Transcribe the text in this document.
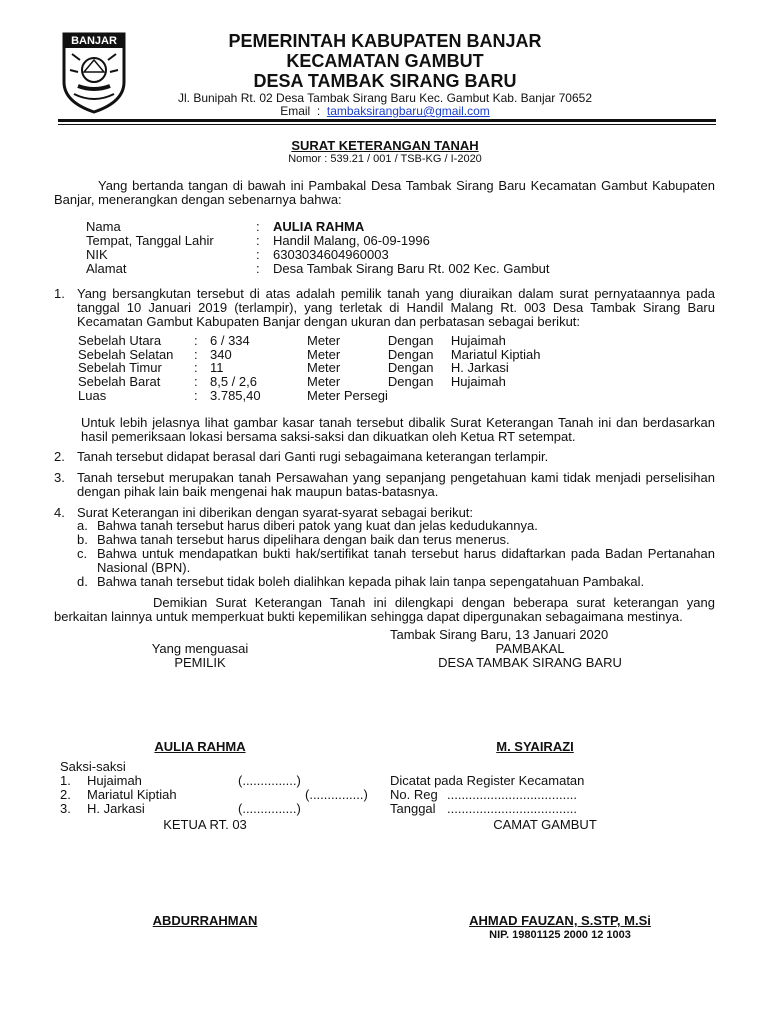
BANJAR	PEMERINTAH KABUPATEN BANJAR
KECAMATAN GAMBUT
DESA TAMBAK SIRANG BARU
Jl. Bunipah Rt. 02 Desa Tambak Sirang Baru Kec. Gambut Kab. Banjar 70652
Email  :  tambaksirangbaru@gmail.com
SURAT KETERANGAN TANAH
Nomor : 539.21 / 001 / TSB-KG / I-2020
Yang bertanda tangan di bawah ini Pambakal Desa Tambak Sirang Baru Kecamatan Gambut Kabupaten Banjar, menerangkan dengan sebenarnya bahwa:
Nama	: AULIA RAHMA
Tempat, Tanggal Lahir	: Handil Malang, 06-09-1996
NIK	: 6303034604960003
Alamat	: Desa Tambak Sirang Baru Rt. 002 Kec. Gambut
1. Yang bersangkutan tersebut di atas adalah pemilik tanah yang diuraikan dalam surat pernyataannya pada tanggal 10 Januari 2019 (terlampir), yang terletak di Handil Malang Rt. 003 Desa Tambak Sirang Baru Kecamatan Gambut Kabupaten Banjar dengan ukuran dan perbatasan sebagai berikut:
Sebelah Utara	:	6 / 334	Meter	Dengan	Hujaimah
Sebelah Selatan	:	340	Meter	Dengan	Mariatul Kiptiah
Sebelah Timur	:	11	Meter	Dengan	H. Jarkasi
Sebelah Barat	:	8,5 / 2,6	Meter	Dengan	Hujaimah
Luas	:	3.785,40	Meter Persegi		
Untuk lebih jelasnya lihat gambar kasar tanah tersebut dibalik Surat Keterangan Tanah ini dan berdasarkan hasil pemeriksaan lokasi bersama saksi-saksi dan dikuatkan oleh Ketua RT setempat.
2. Tanah tersebut didapat berasal dari Ganti rugi sebagaimana keterangan terlampir.
3. Tanah tersebut merupakan tanah Persawahan yang sepanjang pengetahuan kami tidak menjadi perselisihan dengan pihak lain baik mengenai hak maupun batas-batasnya.
4. Surat Keterangan ini diberikan dengan syarat-syarat sebagai berikut:
a. Bahwa tanah tersebut harus diberi patok yang kuat dan jelas kedudukannya.
b. Bahwa tanah tersebut harus dipelihara dengan baik dan terus menerus.
c. Bahwa untuk mendapatkan bukti hak/sertifikat tanah tersebut harus didaftarkan pada Badan Pertanahan Nasional (BPN).
d. Bahwa tanah tersebut tidak boleh dialihkan kepada pihak lain tanpa sepengatahuan Pambakal.
Demikian Surat Keterangan Tanah ini dilengkapi dengan beberapa surat keterangan yang berkaitan lainnya untuk memperkuat bukti kepemilikan sehingga dapat dipergunakan sebagaimana mestinya.
Tambak Sirang Baru, 13 Januari 2020
Yang menguasai
PEMILIK
PAMBAKAL
DESA TAMBAK SIRANG BARU
AULIA RAHMA	M. SYAIRAZI
Saksi-saksi
1. Hujaimah	(...............)
2. Mariatul Kiptiah	(...............)
3. H. Jarkasi	(...............)
KETUA RT. 03
ABDURRAHMAN
Dicatat pada Register Kecamatan
No. Reg ....................................
Tanggal ....................................
CAMAT GAMBUT
AHMAD FAUZAN, S.STP, M.Si
NIP. 19801125 2000 12 1003
